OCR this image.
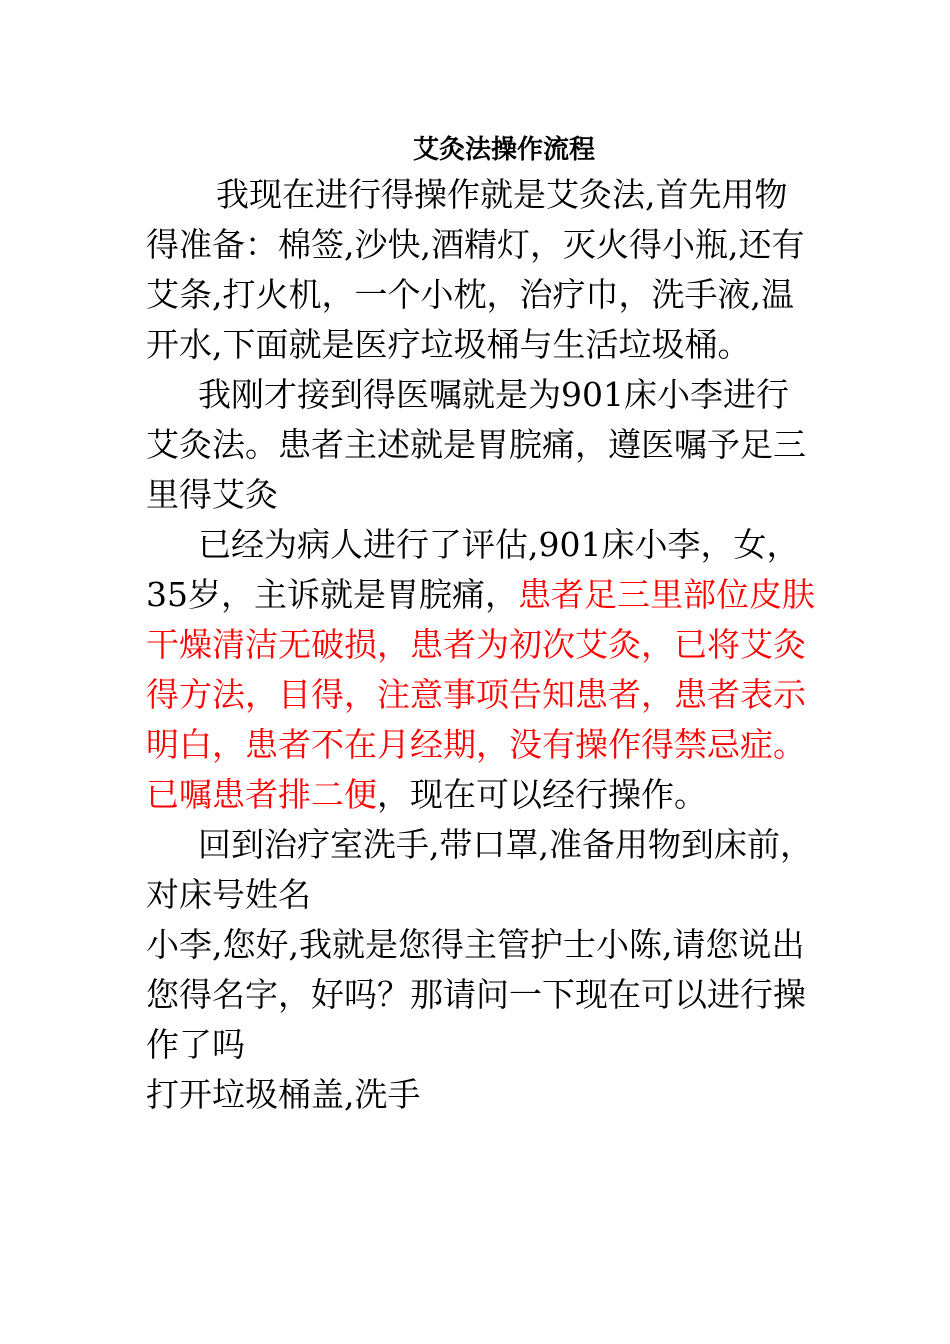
艾灸法操作流程

我现在进行得操作就是艾灸法,首先用物得准备：棉签,沙快,酒精灯，灭火得小瓶,还有艾条,打火机，一个小枕，治疗巾，洗手液,温开水,下面就是医疗垃圾桶与生活垃圾桶。

我刚才接到得医嘱就是为901床小李进行艾灸法。患者主述就是胃脘痛，遵医嘱予足三里得艾灸

已经为病人进行了评估,901床小李，女，35岁，主诉就是胃脘痛，患者足三里部位皮肤干燥清洁无破损，患者为初次艾灸，已将艾灸得方法，目得，注意事项告知患者，患者表示明白，患者不在月经期，没有操作得禁忌症。已嘱患者排二便，现在可以经行操作。

回到治疗室洗手,带口罩,准备用物到床前，对床号姓名

小李,您好,我就是您得主管护士小陈,请您说出您得名字，好吗？那请问一下现在可以进行操作了吗

打开垃圾桶盖,洗手
